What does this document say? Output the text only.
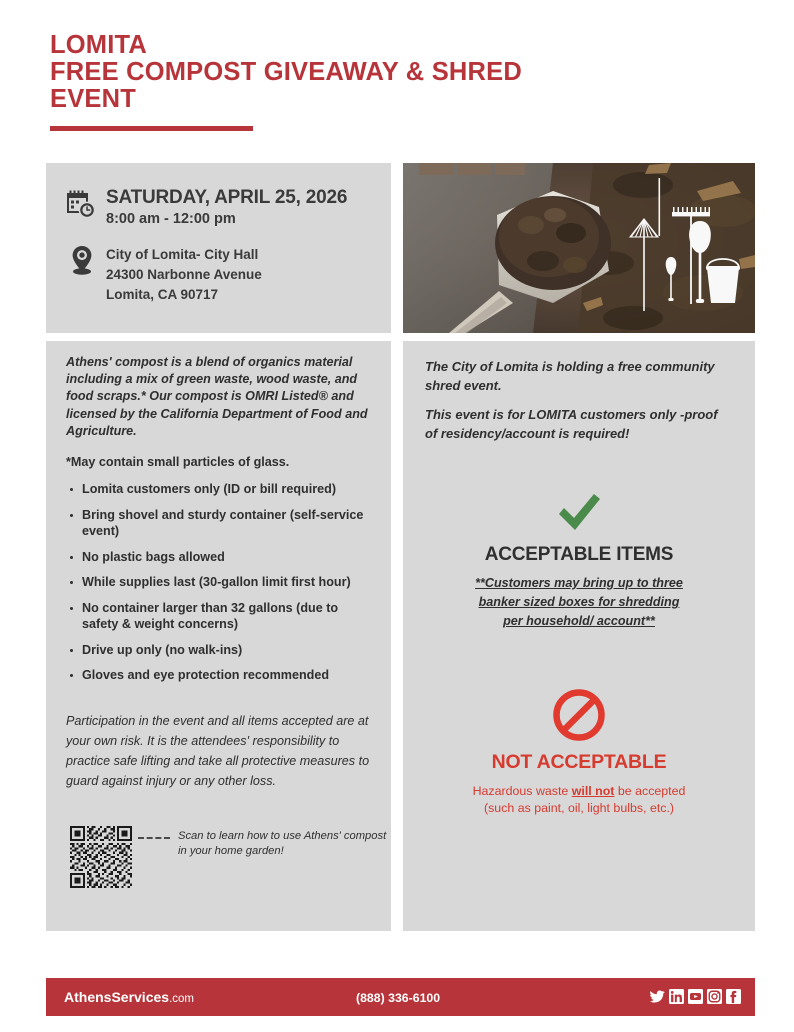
LOMITA
FREE COMPOST GIVEAWAY & SHRED
EVENT
SATURDAY, APRIL 25, 2026
8:00 am - 12:00 pm
City of Lomita- City Hall
24300 Narbonne Avenue
Lomita, CA 90717

Athens' compost is a blend of organics material including a mix of green waste, wood waste, and food scraps.* Our compost is OMRI Listed® and licensed by the California Department of Food and Agriculture.

*May contain small particles of glass.

Lomita customers only (ID or bill required)
Bring shovel and sturdy container (self-service event)
No plastic bags allowed
While supplies last (30-gallon limit first hour)
No container larger than 32 gallons (due to safety & weight concerns)
Drive up only (no walk-ins)
Gloves and eye protection recommended

Participation in the event and all items accepted are at your own risk. It is the attendees' responsibility to practice safe lifting and take all protective measures to guard against injury or any other loss.

Scan to learn how to use Athens' compost in your home garden!

The City of Lomita is holding a free community shred event.

This event is for LOMITA customers only -proof of residency/account is required!

ACCEPTABLE ITEMS
**Customers may bring up to three
banker sized boxes for shredding
per household/ account**
NOT ACCEPTABLE
Hazardous waste will not be accepted
(such as paint, oil, light bulbs, etc.)
AthensServices.com	(888) 336-6100
